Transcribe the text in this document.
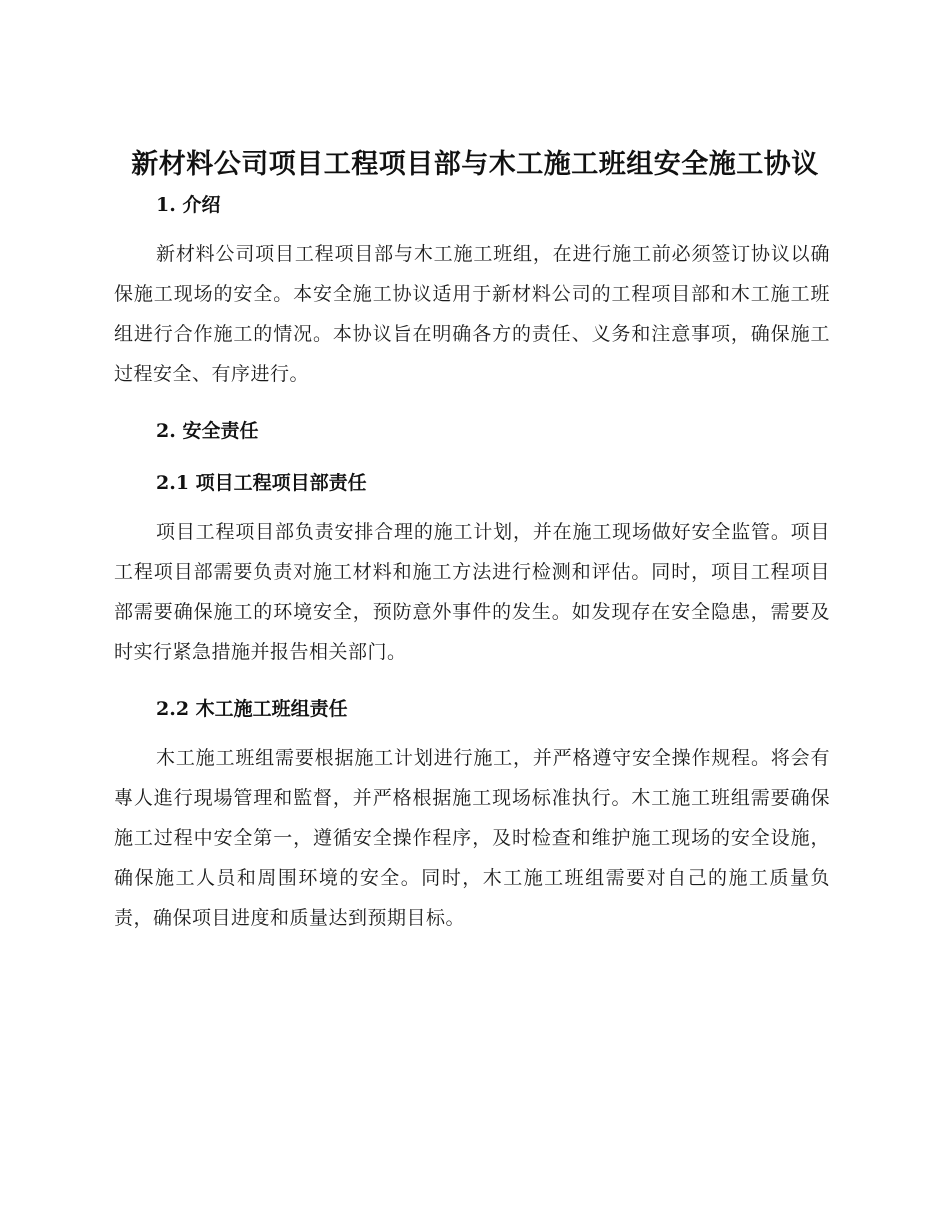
新材料公司项目工程项目部与木工施工班组安全施工协议
1. 介绍

新材料公司项目工程项目部与木工施工班组，在进行施工前必须签订协议以确保施工现场的安全。本安全施工协议适用于新材料公司的工程项目部和木工施工班组进行合作施工的情况。本协议旨在明确各方的责任、义务和注意事项，确保施工过程安全、有序进行。

2. 安全责任
2.1 项目工程项目部责任

项目工程项目部负责安排合理的施工计划，并在施工现场做好安全监管。项目工程项目部需要负责对施工材料和施工方法进行检测和评估。同时，项目工程项目部需要确保施工的环境安全，预防意外事件的发生。如发现存在安全隐患，需要及时实行紧急措施并报告相关部门。

2.2 木工施工班组责任

木工施工班组需要根据施工计划进行施工，并严格遵守安全操作规程。将会有專人進行現場管理和監督，并严格根据施工现场标准执行。木工施工班组需要确保施工过程中安全第一，遵循安全操作程序，及时检查和维护施工现场的安全设施，确保施工人员和周围环境的安全。同时，木工施工班组需要对自己的施工质量负责，确保项目进度和质量达到预期目标。
